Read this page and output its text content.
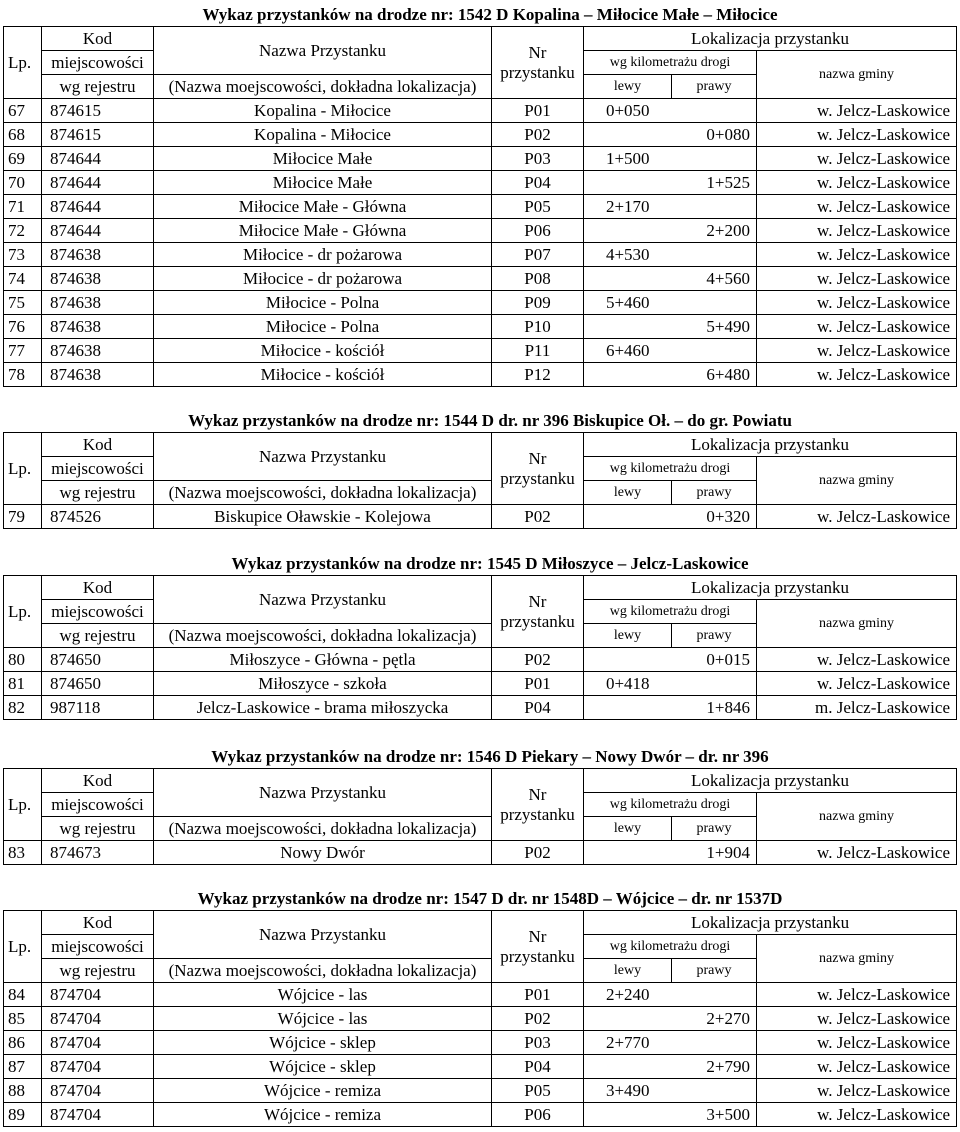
Wykaz przystanków na drodze nr: 1542 D Kopalina – Miłocice Małe – Miłocice						
Lp.	Kod	Nazwa Przystanku	Nr
przystanku	Lokalizacja przystanku		
	miejscowości			wg kilometrażu drogi		nazwa gminy
	wg rejestru	(Nazwa moejscowości, dokładna lokalizacja)		lewy	prawy	
67	874615	Kopalina - Miłocice	P01	0+050		w. Jelcz-Laskowice
68	874615	Kopalina - Miłocice	P02		0+080	w. Jelcz-Laskowice
69	874644	Miłocice Małe	P03	1+500		w. Jelcz-Laskowice
70	874644	Miłocice Małe	P04		1+525	w. Jelcz-Laskowice
71	874644	Miłocice Małe - Główna	P05	2+170		w. Jelcz-Laskowice
72	874644	Miłocice Małe - Główna	P06		2+200	w. Jelcz-Laskowice
73	874638	Miłocice - dr pożarowa	P07	4+530		w. Jelcz-Laskowice
74	874638	Miłocice - dr pożarowa	P08		4+560	w. Jelcz-Laskowice
75	874638	Miłocice - Polna	P09	5+460		w. Jelcz-Laskowice
76	874638	Miłocice - Polna	P10		5+490	w. Jelcz-Laskowice
77	874638	Miłocice - kościół	P11	6+460		w. Jelcz-Laskowice
78	874638	Miłocice - kościół	P12		6+480	w. Jelcz-Laskowice
Wykaz przystanków na drodze nr: 1544 D dr. nr 396 Biskupice Oł. – do gr. Powiatu						
Lp.	Kod	Nazwa Przystanku	Nr
przystanku	Lokalizacja przystanku		
	miejscowości			wg kilometrażu drogi		nazwa gminy
	wg rejestru	(Nazwa moejscowości, dokładna lokalizacja)		lewy	prawy	
79	874526	Biskupice Oławskie - Kolejowa	P02		0+320	w. Jelcz-Laskowice
Wykaz przystanków na drodze nr: 1545 D Miłoszyce – Jelcz-Laskowice						
Lp.	Kod	Nazwa Przystanku	Nr
przystanku	Lokalizacja przystanku		
	miejscowości			wg kilometrażu drogi		nazwa gminy
	wg rejestru	(Nazwa moejscowości, dokładna lokalizacja)		lewy	prawy	
80	874650	Miłoszyce - Główna - pętla	P02		0+015	w. Jelcz-Laskowice
81	874650	Miłoszyce - szkoła	P01	0+418		w. Jelcz-Laskowice
82	987118	Jelcz-Laskowice - brama miłoszycka	P04		1+846	m. Jelcz-Laskowice
Wykaz przystanków na drodze nr: 1546 D Piekary – Nowy Dwór – dr. nr 396						
Lp.	Kod	Nazwa Przystanku	Nr
przystanku	Lokalizacja przystanku		
	miejscowości			wg kilometrażu drogi		nazwa gminy
	wg rejestru	(Nazwa moejscowości, dokładna lokalizacja)		lewy	prawy	
83	874673	Nowy Dwór	P02		1+904	w. Jelcz-Laskowice
Wykaz przystanków na drodze nr: 1547 D dr. nr 1548D – Wójcice – dr. nr 1537D						
Lp.	Kod	Nazwa Przystanku	Nr
przystanku	Lokalizacja przystanku		
	miejscowości			wg kilometrażu drogi		nazwa gminy
	wg rejestru	(Nazwa moejscowości, dokładna lokalizacja)		lewy	prawy	
84	874704	Wójcice - las	P01	2+240		w. Jelcz-Laskowice
85	874704	Wójcice - las	P02		2+270	w. Jelcz-Laskowice
86	874704	Wójcice - sklep	P03	2+770		w. Jelcz-Laskowice
87	874704	Wójcice - sklep	P04		2+790	w. Jelcz-Laskowice
88	874704	Wójcice - remiza	P05	3+490		w. Jelcz-Laskowice
89	874704	Wójcice - remiza	P06		3+500	w. Jelcz-Laskowice
